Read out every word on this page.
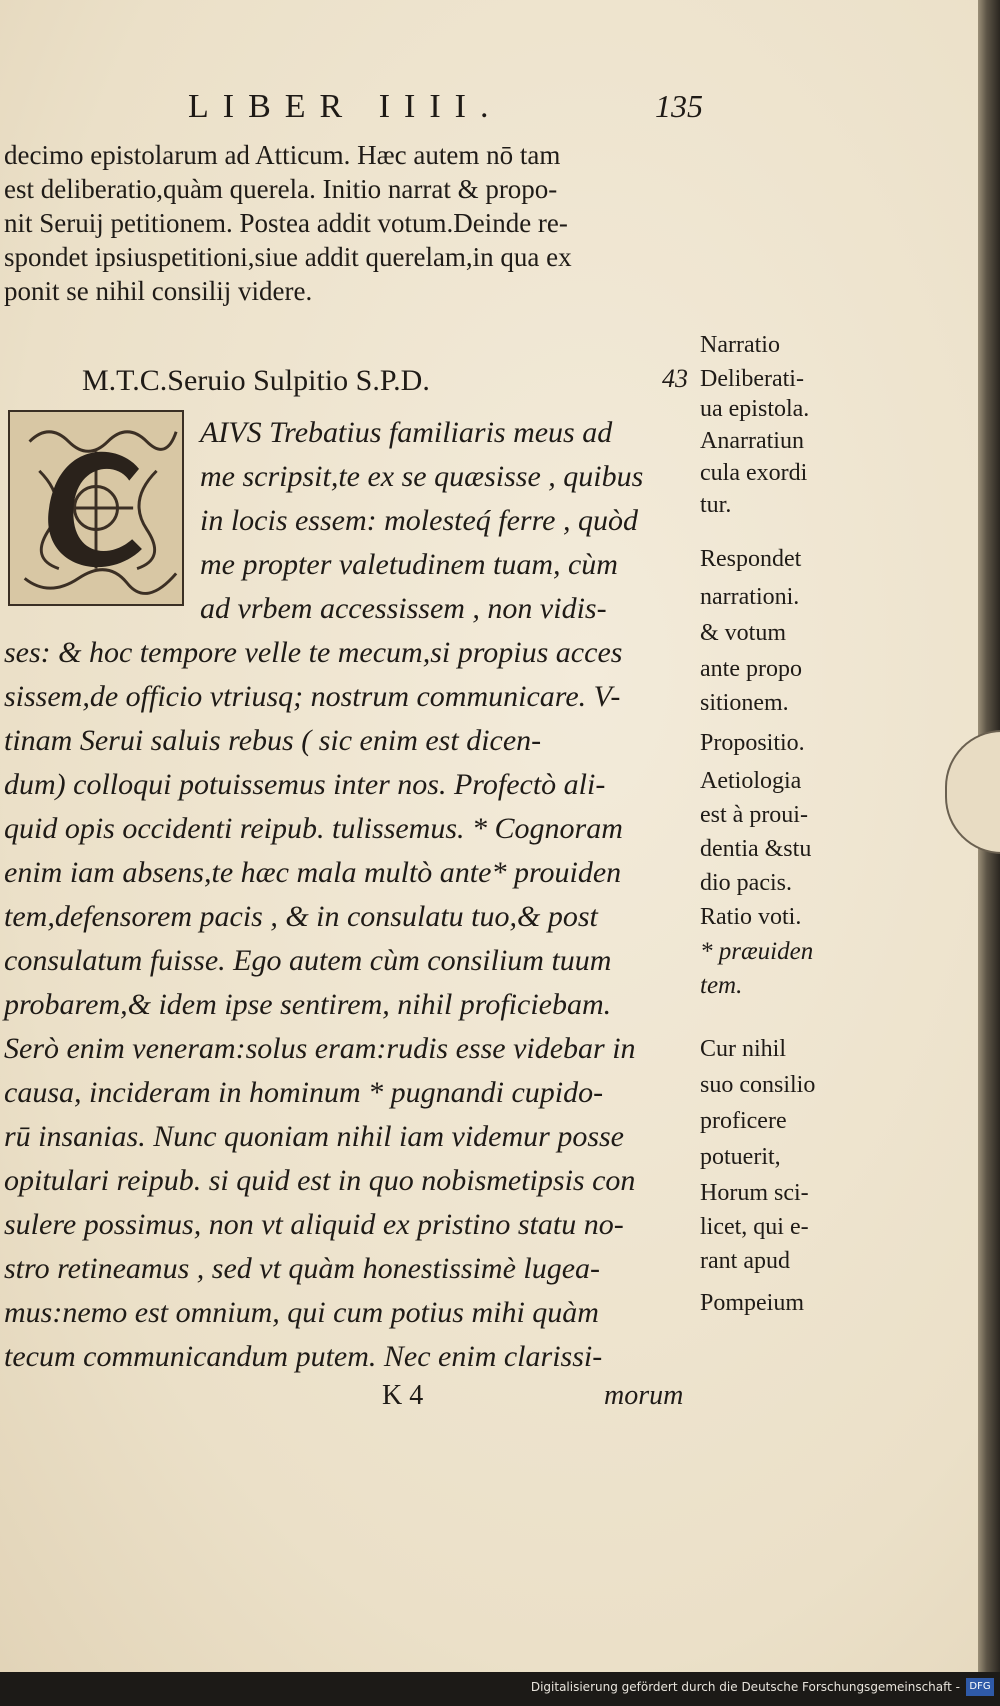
LIBER IIII.	135
decimo epistolarum ad Atticum. Hæc autem nō tam
est deliberatio,quàm querela. Initio narrat & propo-
nit Seruij petitionem. Postea addit votum.Deinde re-
spondet ipsiuspetitioni,siue addit querelam,in qua ex
ponit se nihil consilij videre.
M.T.C.Seruio Sulpitio S.P.D.	43
AIVS Trebatius familiaris meus ad
me scripsit,te ex se quæsisse , quibus
in locis essem: molesteq́ ferre , quòd
me propter valetudinem tuam, cùm
ad vrbem accessissem , non vidis-
ses: & hoc tempore velle te mecum,si propius acces
sissem,de officio vtriusq; nostrum communicare. V-
tinam Serui saluis rebus ( sic enim est dicen-
dum) colloqui potuissemus inter nos. Profectò ali-
quid opis occidenti reipub. tulissemus. * Cognoram
enim iam absens,te hæc mala multò ante* prouiden
tem,defensorem pacis , & in consulatu tuo,& post
consulatum fuisse. Ego autem cùm consilium tuum
probarem,& idem ipse sentirem, nihil proficiebam.
Serò enim veneram:solus eram:rudis esse videbar in
causa, incideram in hominum * pugnandi cupido-
rū insanias. Nunc quoniam nihil iam videmur posse
opitulari reipub. si quid est in quo nobismetipsis con
sulere possimus, non vt aliquid ex pristino statu no-
stro retineamus , sed vt quàm honestissimè lugea-
mus:nemo est omnium, qui cum potius mihi quàm
tecum communicandum putem. Nec enim clarissi-
Narratio
Deliberati-
ua epistola.
Anarratiun
cula exordi
tur.
Respondet
narrationi.
& votum
ante propo
sitionem.
Propositio.
Aetiologia
est à proui-
dentia &stu
dio pacis.
Ratio voti.
* præuiden
tem.
Cur nihil
suo consilio
proficere
potuerit,
Horum sci-
licet, qui e-
rant apud
Pompeium
K 4	morum
Digitalisierung gefördert durch die Deutsche Forschungsgemeinschaft - DFG
